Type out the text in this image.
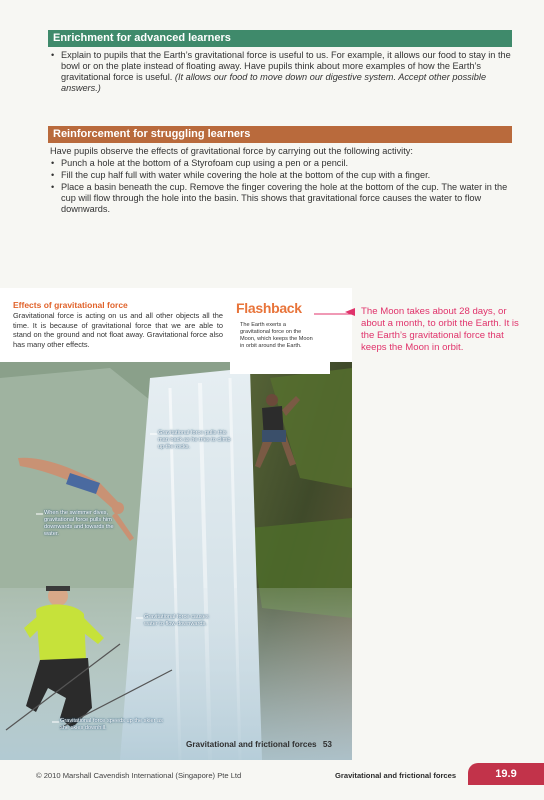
Enrichment for advanced learners
• Explain to pupils that the Earth’s gravitational force is useful to us. For example, it allows our food to stay in the bowl or on the plate instead of floating away. Have pupils think about more examples of how the Earth’s gravitational force is useful. (It allows our food to move down our digestive system. Accept other possible answers.)
Reinforcement for struggling learners
Have pupils observe the effects of gravitational force by carrying out the following activity:
• Punch a hole at the bottom of a Styrofoam cup using a pen or a pencil.
• Fill the cup half full with water while covering the hole at the bottom of the cup with a finger.
• Place a basin beneath the cup. Remove the finger covering the hole at the bottom of the cup. The water in the cup will flow through the hole into the basin. This shows that gravitational force causes the water to flow downwards.
Effects of gravitational force
Gravitational force is acting on us and all other objects all the time. It is because of gravitational force that we are able to stand on the ground and not float away. Gravitational force also has many other effects.
Flashback
The Earth exerts a gravitational force on the Moon, which keeps the Moon in orbit around the Earth.
Gravitational force pulls this man back as he tries to climb up the rocks.
When the swimmer dives, gravitational force pulls him downwards and towards the water.
Gravitational force causes water to flow downwards.
Gravitational force speeds up the skier as she skies downhill.
Gravitational and frictional forces 53
The Moon takes about 28 days, or about a month, to orbit the Earth. It is the Earth’s gravitational force that keeps the Moon in orbit.
© 2010 Marshall Cavendish International (Singapore) Pte Ltd	Gravitational and frictional forces	19.9
